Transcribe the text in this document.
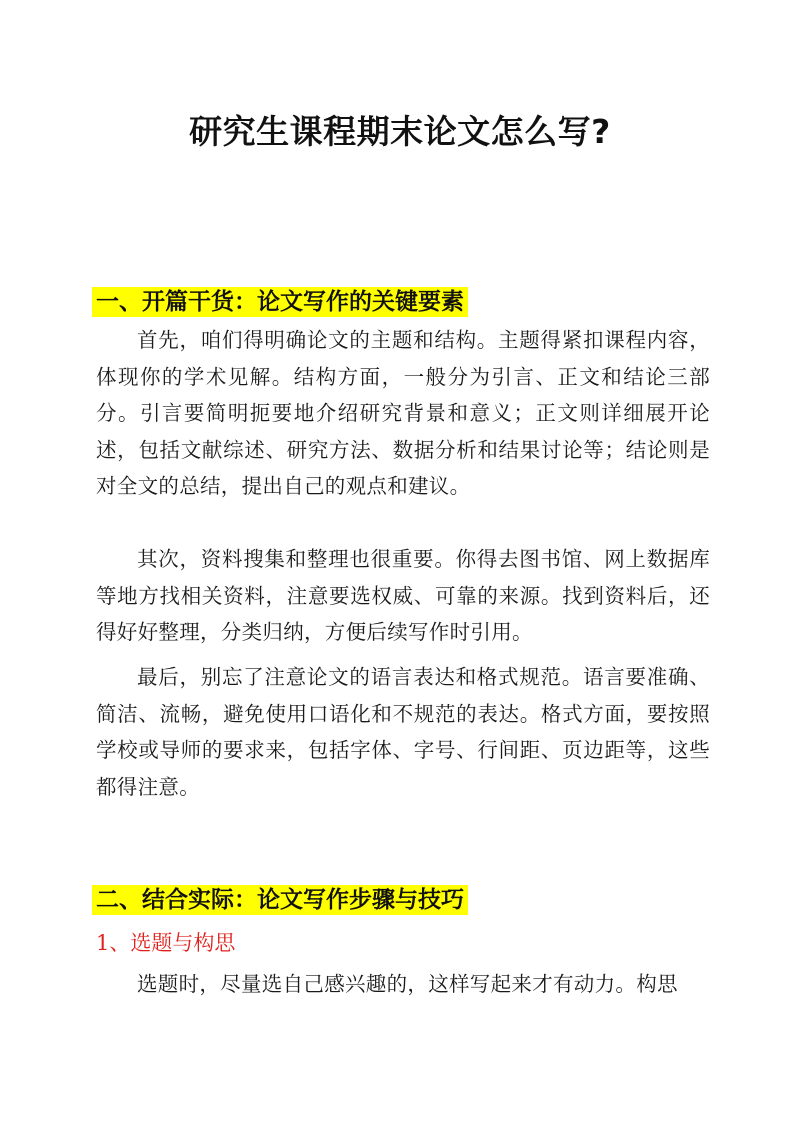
研究生课程期末论文怎么写?
一、开篇干货：论文写作的关键要素

首先，咱们得明确论文的主题和结构。主题得紧扣课程内容，体现你的学术见解。结构方面，一般分为引言、正文和结论三部分。引言要简明扼要地介绍研究背景和意义；正文则详细展开论述，包括文献综述、研究方法、数据分析和结果讨论等；结论则是对全文的总结，提出自己的观点和建议。

其次，资料搜集和整理也很重要。你得去图书馆、网上数据库等地方找相关资料，注意要选权威、可靠的来源。找到资料后，还得好好整理，分类归纳，方便后续写作时引用。

最后，别忘了注意论文的语言表达和格式规范。语言要准确、简洁、流畅，避免使用口语化和不规范的表达。格式方面，要按照学校或导师的要求来，包括字体、字号、行间距、页边距等，这些都得注意。

二、结合实际：论文写作步骤与技巧
1、选题与构思

选题时，尽量选自己感兴趣的，这样写起来才有动力。构思
